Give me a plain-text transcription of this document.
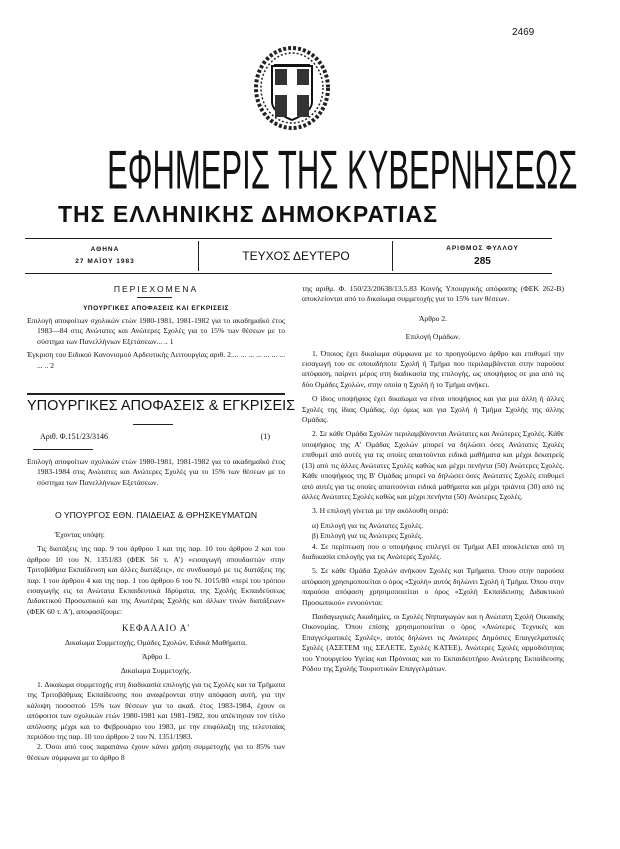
2469
ΕΦΗΜΕΡΙΣ ΤΗΣ ΚΥΒΕΡΝΗΣΕΩΣ
ΤΗΣ ΕΛΛΗΝΙΚΗΣ ΔΗΜΟΚΡΑΤΙΑΣ
ΑΘΗΝΑ
27 ΜΑΪΟΥ 1983	ΤΕΥΧΟΣ ΔΕΥΤΕΡΟ
ΑΡΙΘΜΟΣ ΦΥΛΛΟΥ
285
ΠΕΡΙΕΧΟΜΕΝΑ
ΥΠΟΥΡΓΙΚΕΣ ΑΠΟΦΑΣΕΙΣ ΚΑΙ ΕΓΚΡΙΣΕΙΣ

Επιλογή αποφοίτων σχολικών ετών 1980-1981, 1981-1982 για το ακαδημαϊκό έτος 1983—84 στις Ανώτατες και Ανώτερες Σχολές για το 15% των θέσεων με το σύστημα των Πανελλήνιων Εξετάσεων... .. 1

Έγκριση του Ειδικού Κανονισμού Αρδευτικής Λειτουργίας αριθ. 2.... ... ... ... ... ... ... ... .. 2

ΥΠΟΥΡΓΙΚΕΣ ΑΠΟΦΑΣΕΙΣ & ΕΓΚΡΙΣΕΙΣ
Αριθ. Φ.151/23/3146	(1)

Επιλογή αποφοίτων σχολικών ετών 1980-1981, 1981-1982 για το ακαδημαϊκό έτος 1983-1984 στις Ανώτατες και Ανώτερες Σχολές για το 15% των θέσεων με το σύστημα των Πανελλήνιων Εξετάσεων.

Ο ΥΠΟΥΡΓΟΣ ΕΘΝ. ΠΑΙΔΕΙΑΣ & ΘΡΗΣΚΕΥΜΑΤΩΝ

Έχοντας υπόψη:

Τις διατάξεις της παρ. 9 του άρθρου 1 και της παρ. 10 του άρθρου 2 και του άρθρου 10 του Ν. 1351/83 (ΦΕΚ 56 τ. Α') «εισαγωγή σπουδαστών στην Τριτοβάθμια Εκπαίδευση και άλλες διατάξεις», σε συνδυασμό με τις διατάξεις της παρ. 1 του άρθρου 4 και της παρ. 1 του άρθρου 6 του Ν. 1015/80 «περί του τρόπου εισαγωγής εις τα Ανώτατα Εκπαιδευτικά Ιδρύματα, της Σχολής Εκπαιδεύσεως Διδακτικού Προσωπικού και της Ανωτέρας Σχολής και άλλων τινών διατάξεων» (ΦΕΚ 60 τ. Α'), αποφασίζουμε:

ΚΕΦΑΛΑΙΟ Α'

Δικαίωμα Συμμετοχής, Ομάδες Σχολών, Ειδικά Μαθήματα.

Άρθρο 1.

Δικαίωμα Συμμετοχής.

1. Δικαίωμα συμμετοχής στη διαδικασία επιλογής για τις Σχολές και τα Τμήματα της Τριτοβάθμιας Εκπαίδευσης που αναφέρονται στην απόφαση αυτή, για την κάλυψη ποσοστού 15% των θέσεων για το ακαδ. έτος 1983-1984, έχουν οι απόφοιτοι των σχολικών ετών 1980-1981 και 1981-1982, που απέκτησαν τον τίτλο απόλυσης μέχρι και το Φεβρουάριο του 1983, με την επιφύλαξη της τελευταίας περιόδου της παρ. 10 του άρθρου 2 του Ν. 1351/1983.

2. Όσοι από τους παραπάνω έχουν κάνει χρήση συμμετοχής για το 85% των θέσεων σύμφωνα με το άρθρο 8

της αριθμ. Φ. 150/23/20638/13.5.83 Κοινής Υπουργικής απόφασης (ΦΕΚ 262-Β) αποκλείονται από το δικαίωμα συμμετοχής για το 15% των θέσεων.

Άρθρο 2.

Επιλογή Ομάδων.

1. Όποιος έχει δικαίωμα σύμφωνα με το προηγούμενο άρθρο και επιθυμεί την εισαγωγή του σε οποιαδήποτε Σχολή ή Τμήμα που περιλαμβάνεται στην παρούσα απόφαση, παίρνει μέρος στη διαδικασία της επιλογής, ως υποψήφιος σε μια από τις δύο Ομάδες Σχολών, στην οποία η Σχολή ή το Τμήμα ανήκει.

Ο ίδιος υποψήφιος έχει δικαίωμα να είναι υποψήφιος και για μια άλλη ή άλλες Σχολές της ίδιας Ομάδας, όχι όμως και για Σχολή ή Τμήμα Σχολής της άλλης Ομάδας.

2. Σε κάθε Ομάδα Σχολών περιλαμβάνονται Ανώτατες και Ανώτερες Σχολές. Κάθε υποψήφιος της Α' Ομάδας Σχολών μπορεί να δηλώσει όσες Ανώτατες Σχολές επιθυμεί από αυτές για τις οποίες απαιτούνται ειδικά μαθήματα και μέχρι δεκατρείς (13) από τις άλλες Ανώτατες Σχολές καθώς και μέχρι πενήντα (50) Ανώτερες Σχολές. Κάθε υποψήφιος της Β' Ομάδας μπορεί να δηλώσει όσες Ανώτατες Σχολές επιθυμεί από αυτές για τις οποίες απαιτούνται ειδικά μαθήματα και μέχρι τριάντα (30) από τις άλλες Ανώτατες Σχολές καθώς και μέχρι πενήντα (50) Ανώτερες Σχολές.

3. Η επιλογή γίνεται με την ακόλουθη σειρά:

α) Επιλογή για τις Ανώτατες Σχολές.

β) Επιλογή για τις Ανώτερες Σχολές.

4. Σε περίπτωση που ο υποψήφιος επιλεγεί σε Τμήμα ΑΕΙ αποκλείεται από τη διαδικασία επιλογής για τις Ανώτερες Σχολές.

5. Σε κάθε Ομάδα Σχολών ανήκουν Σχολές και Τμήματα. Όπου στην παρούσα απόφαση χρησιμοποιείται ο όρος «Σχολή» αυτός δηλώνει Σχολή ή Τμήμα. Όπου στην παρούσα απόφαση χρησιμοποιείται ο όρος «Σχολή Εκπαίδευσης Διδακτικού Προσωπικού» εννοούνται:

Παιδαγωγικές Ακαδημίες, οι Σχολές Νηπιαγωγών και η Ανώτατη Σχολή Οικιακής Οικονομίας. Όπου επίσης χρησιμοποιείται ο όρος «Ανώτερες Τεχνικές και Επαγγελματικές Σχολές», αυτός δηλώνει τις Ανώτερες Δημόσιες Επαγγελματικές Σχολές (ΑΣΕΤΕΜ της ΣΕΛΕΤΕ, Σχολές ΚΑΤΕΕ), Ανώτερες Σχολές αρμοδιότητας του Υπουργείου Υγείας και Πρόνοιας και το Εκπαιδευτήριο Ανώτερης Εκπαίδευσης Ρόδου της Σχολής Τουριστικών Επαγγελμάτων.
